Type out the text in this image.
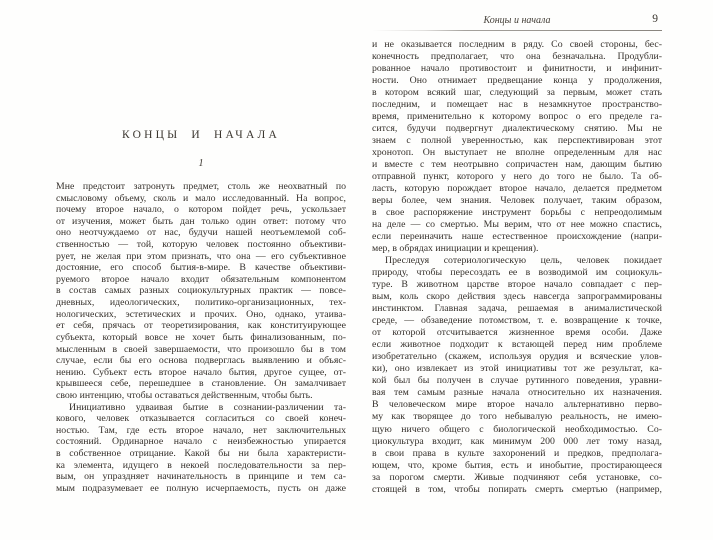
КОНЦЫ И НАЧАЛА
1
Мне предстоит затронуть предмет, столь же неохватный по
смысловому объему, сколь и мало исследованный. На вопрос,
почему второе начало, о котором пойдет речь, ускользает
от изучения, может быть дан только один ответ: потому что
оно неотчуждаемо от нас, будучи нашей неотъемлемой соб-
ственностью — той, которую человек постоянно объективи-
рует, не желая при этом признать, что она — его субъективное
достояние, его способ бытия-в-мире. В качестве объективи-
руемого второе начало входит обязательным компонентом
в состав самых разных социокультурных практик — повсе-
дневных, идеологических, политико-организационных, тех-
нологических, эстетических и прочих. Оно, однако, утаива-
ет себя, прячась от теоретизирования, как конституирующее
субъекта, который вовсе не хочет быть финализованным, по-
мысленным в своей завершаемости, что произошло бы в том
случае, если бы его основа подверглась выявлению и объяс-
нению. Субъект есть второе начало бытия, другое сущее, от-
крывшееся себе, перешедшее в становление. Он замалчивает
свою интенцию, чтобы оставаться действенным, чтобы быть.
Инициативно удваивая бытие в сознании-различении та-
кового, человек отказывается согласиться со своей конеч-
ностью. Там, где есть второе начало, нет заключительных
состояний. Ординарное начало с неизбежностью упирается
в собственное отрицание. Какой бы ни была характеристи-
ка элемента, идущего в некоей последовательности за пер-
вым, он упраздняет начинательность в принципе и тем са-
мым подразумевает ее полную исчерпаемость, пусть он даже
Концы и начала	9
и не оказывается последним в ряду. Со своей стороны, бес-
конечность предполагает, что она безначальна. Продубли-
рованное начало противостоит и финитности, и инфинит-
ности. Оно отнимает предвещание конца у продолжения,
в котором всякий шаг, следующий за первым, может стать
последним, и помещает нас в незамкнутое пространство-
время, применительно к которому вопрос о его пределе га-
сится, будучи подвергнут диалектическому снятию. Мы не
знаем с полной уверенностью, как перспективирован этот
хронотоп. Он выступает не вполне определенным для нас
и вместе с тем неотрывно сопричастен нам, дающим бытию
отправной пункт, которого у него до того не было. Та об-
ласть, которую порождает второе начало, делается предметом
веры более, чем знания. Человек получает, таким образом,
в свое распоряжение инструмент борьбы с непреодолимым
на деле — со смертью. Мы верим, что от нее можно спастись,
если переиначить наше естественное происхождение (напри-
мер, в обрядах инициации и крещения).
Преследуя сотериологическую цель, человек покидает
природу, чтобы пересоздать ее в возводимой им социокуль-
туре. В животном царстве второе начало совпадает с пер-
вым, коль скоро действия здесь навсегда запрограммированы
инстинктом. Главная задача, решаемая в анималистической
среде, — обзаведение потомством, т. е. возвращение к точке,
от которой отсчитывается жизненное время особи. Даже
если животное подходит к встающей перед ним проблеме
изобретательно (скажем, используя орудия и всяческие улов-
ки), оно извлекает из этой инициативы тот же результат, ка-
кой был бы получен в случае рутинного поведения, уравни-
вая тем самым разные начала относительно их назначения.
В человеческом мире второе начало альтернативно перво-
му как творящее до того небывалую реальность, не имею-
щую ничего общего с биологической необходимостью. Со-
циокультура входит, как минимум 200 000 лет тому назад,
в свои права в культе захоронений и предков, предполага-
ющем, что, кроме бытия, есть и инобытие, простирающееся
за порогом смерти. Живые подчиняют себя установке, со-
стоящей в том, чтобы попирать смерть смертью (например,
